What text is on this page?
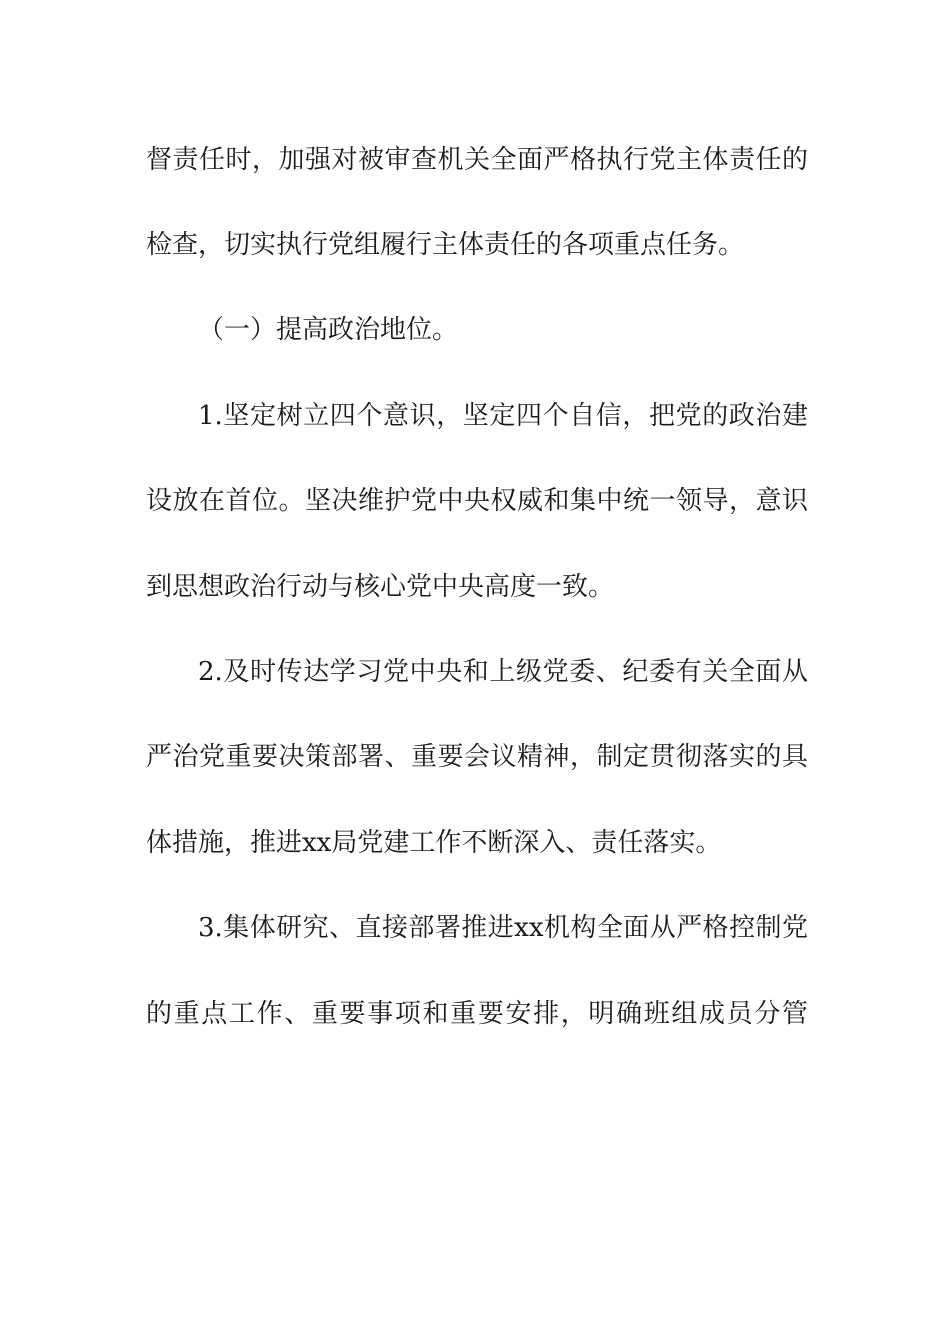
督责任时，加强对被审查机关全面严格执行党主体责任的
检查，切实执行党组履行主体责任的各项重点任务。
（一）提高政治地位。
1.坚定树立四个意识，坚定四个自信，把党的政治建
设放在首位。坚决维护党中央权威和集中统一领导，意识
到思想政治行动与核心党中央高度一致。
2.及时传达学习党中央和上级党委、纪委有关全面从
严治党重要决策部署、重要会议精神，制定贯彻落实的具
体措施，推进xx局党建工作不断深入、责任落实。
3.集体研究、直接部署推进xx机构全面从严格控制党
的重点工作、重要事项和重要安排，明确班组成员分管
